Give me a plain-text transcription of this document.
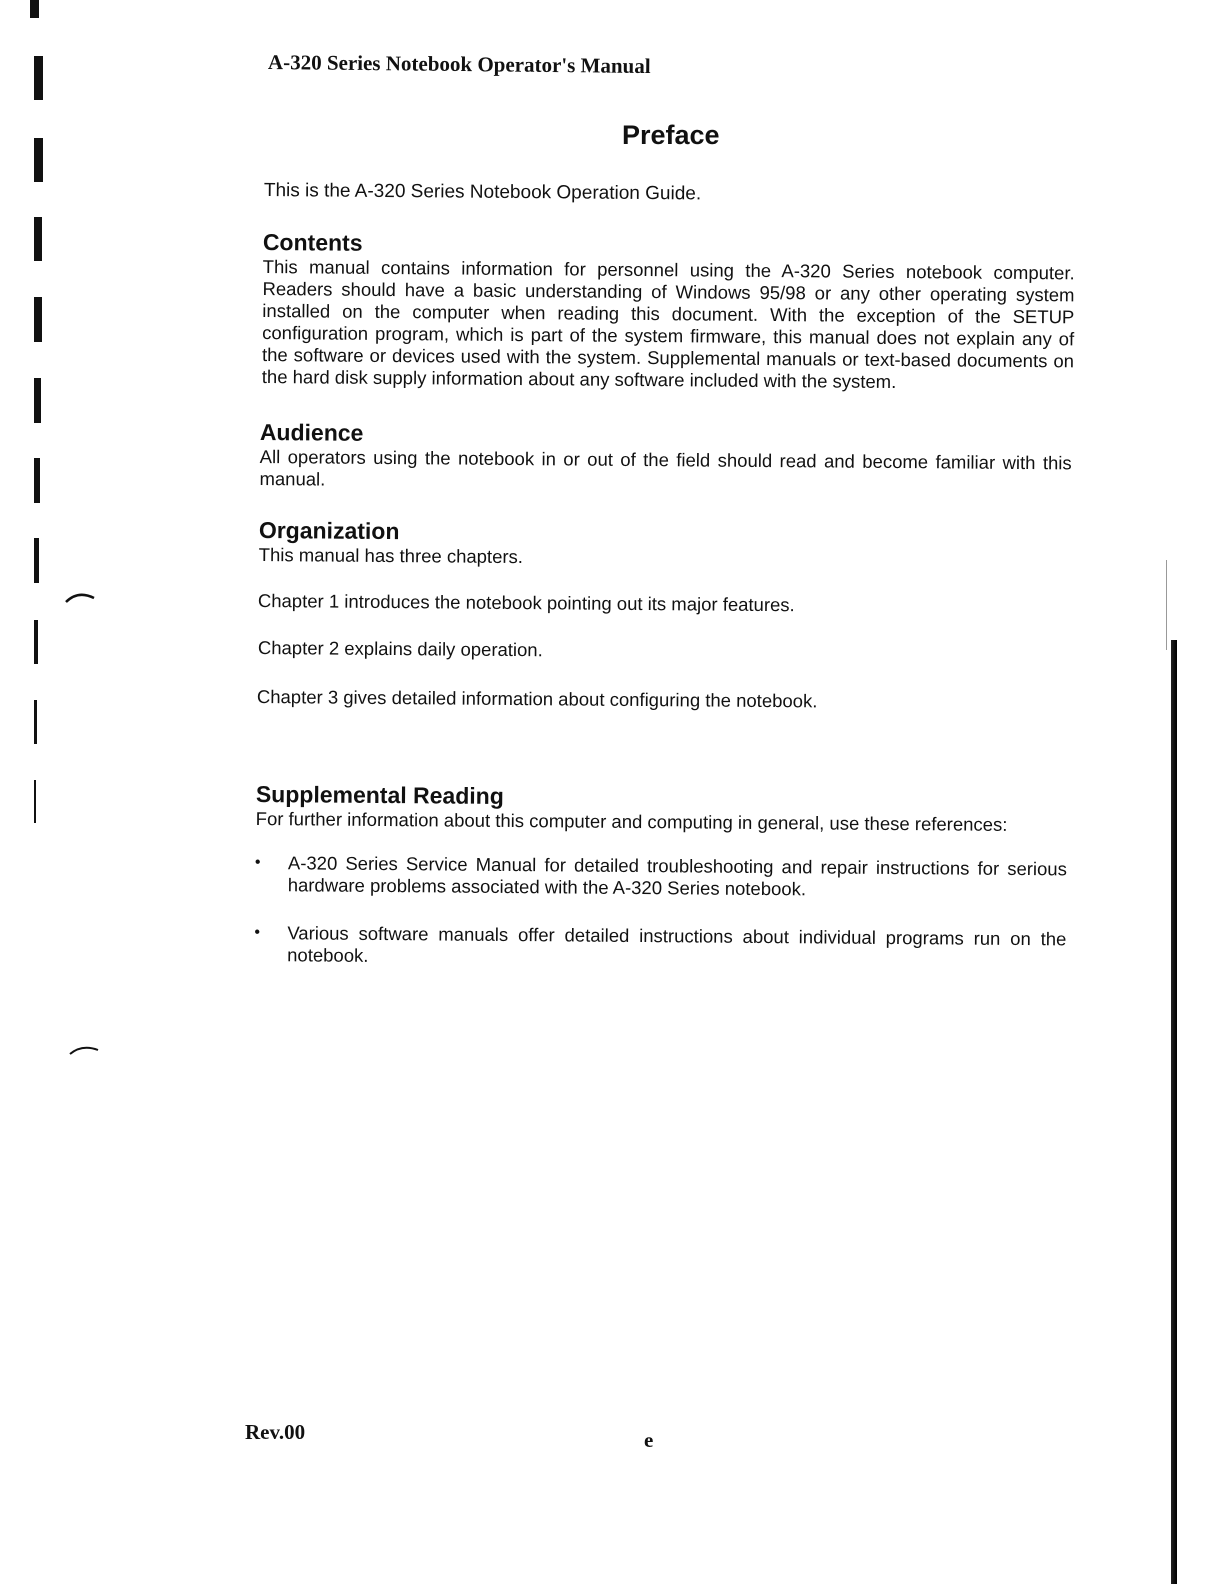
A-320 Series Notebook Operator's Manual
Preface
This is the A-320 Series Notebook Operation Guide.
Contents

This manual contains information for personnel using the A-320 Series notebook computer. Readers should have a basic understanding of Windows 95/98 or any other operating system installed on the computer when reading this document. With the exception of the SETUP configuration program, which is part of the system firmware, this manual does not explain any of the software or devices used with the system. Supplemental manuals or text-based documents on the hard disk supply information about any software included with the system.

Audience

All operators using the notebook in or out of the field should read and become familiar with this manual.

Organization

This manual has three chapters.

Chapter 1 introduces the notebook pointing out its major features.
Chapter 2 explains daily operation.
Chapter 3 gives detailed information about configuring the notebook.
Supplemental Reading

For further information about this computer and computing in general, use these references:

•	A-320 Series Service Manual for detailed troubleshooting and repair instructions for serious hardware problems associated with the A-320 Series notebook.
•	Various software manuals offer detailed instructions about individual programs run on the notebook.
Rev.00	e
